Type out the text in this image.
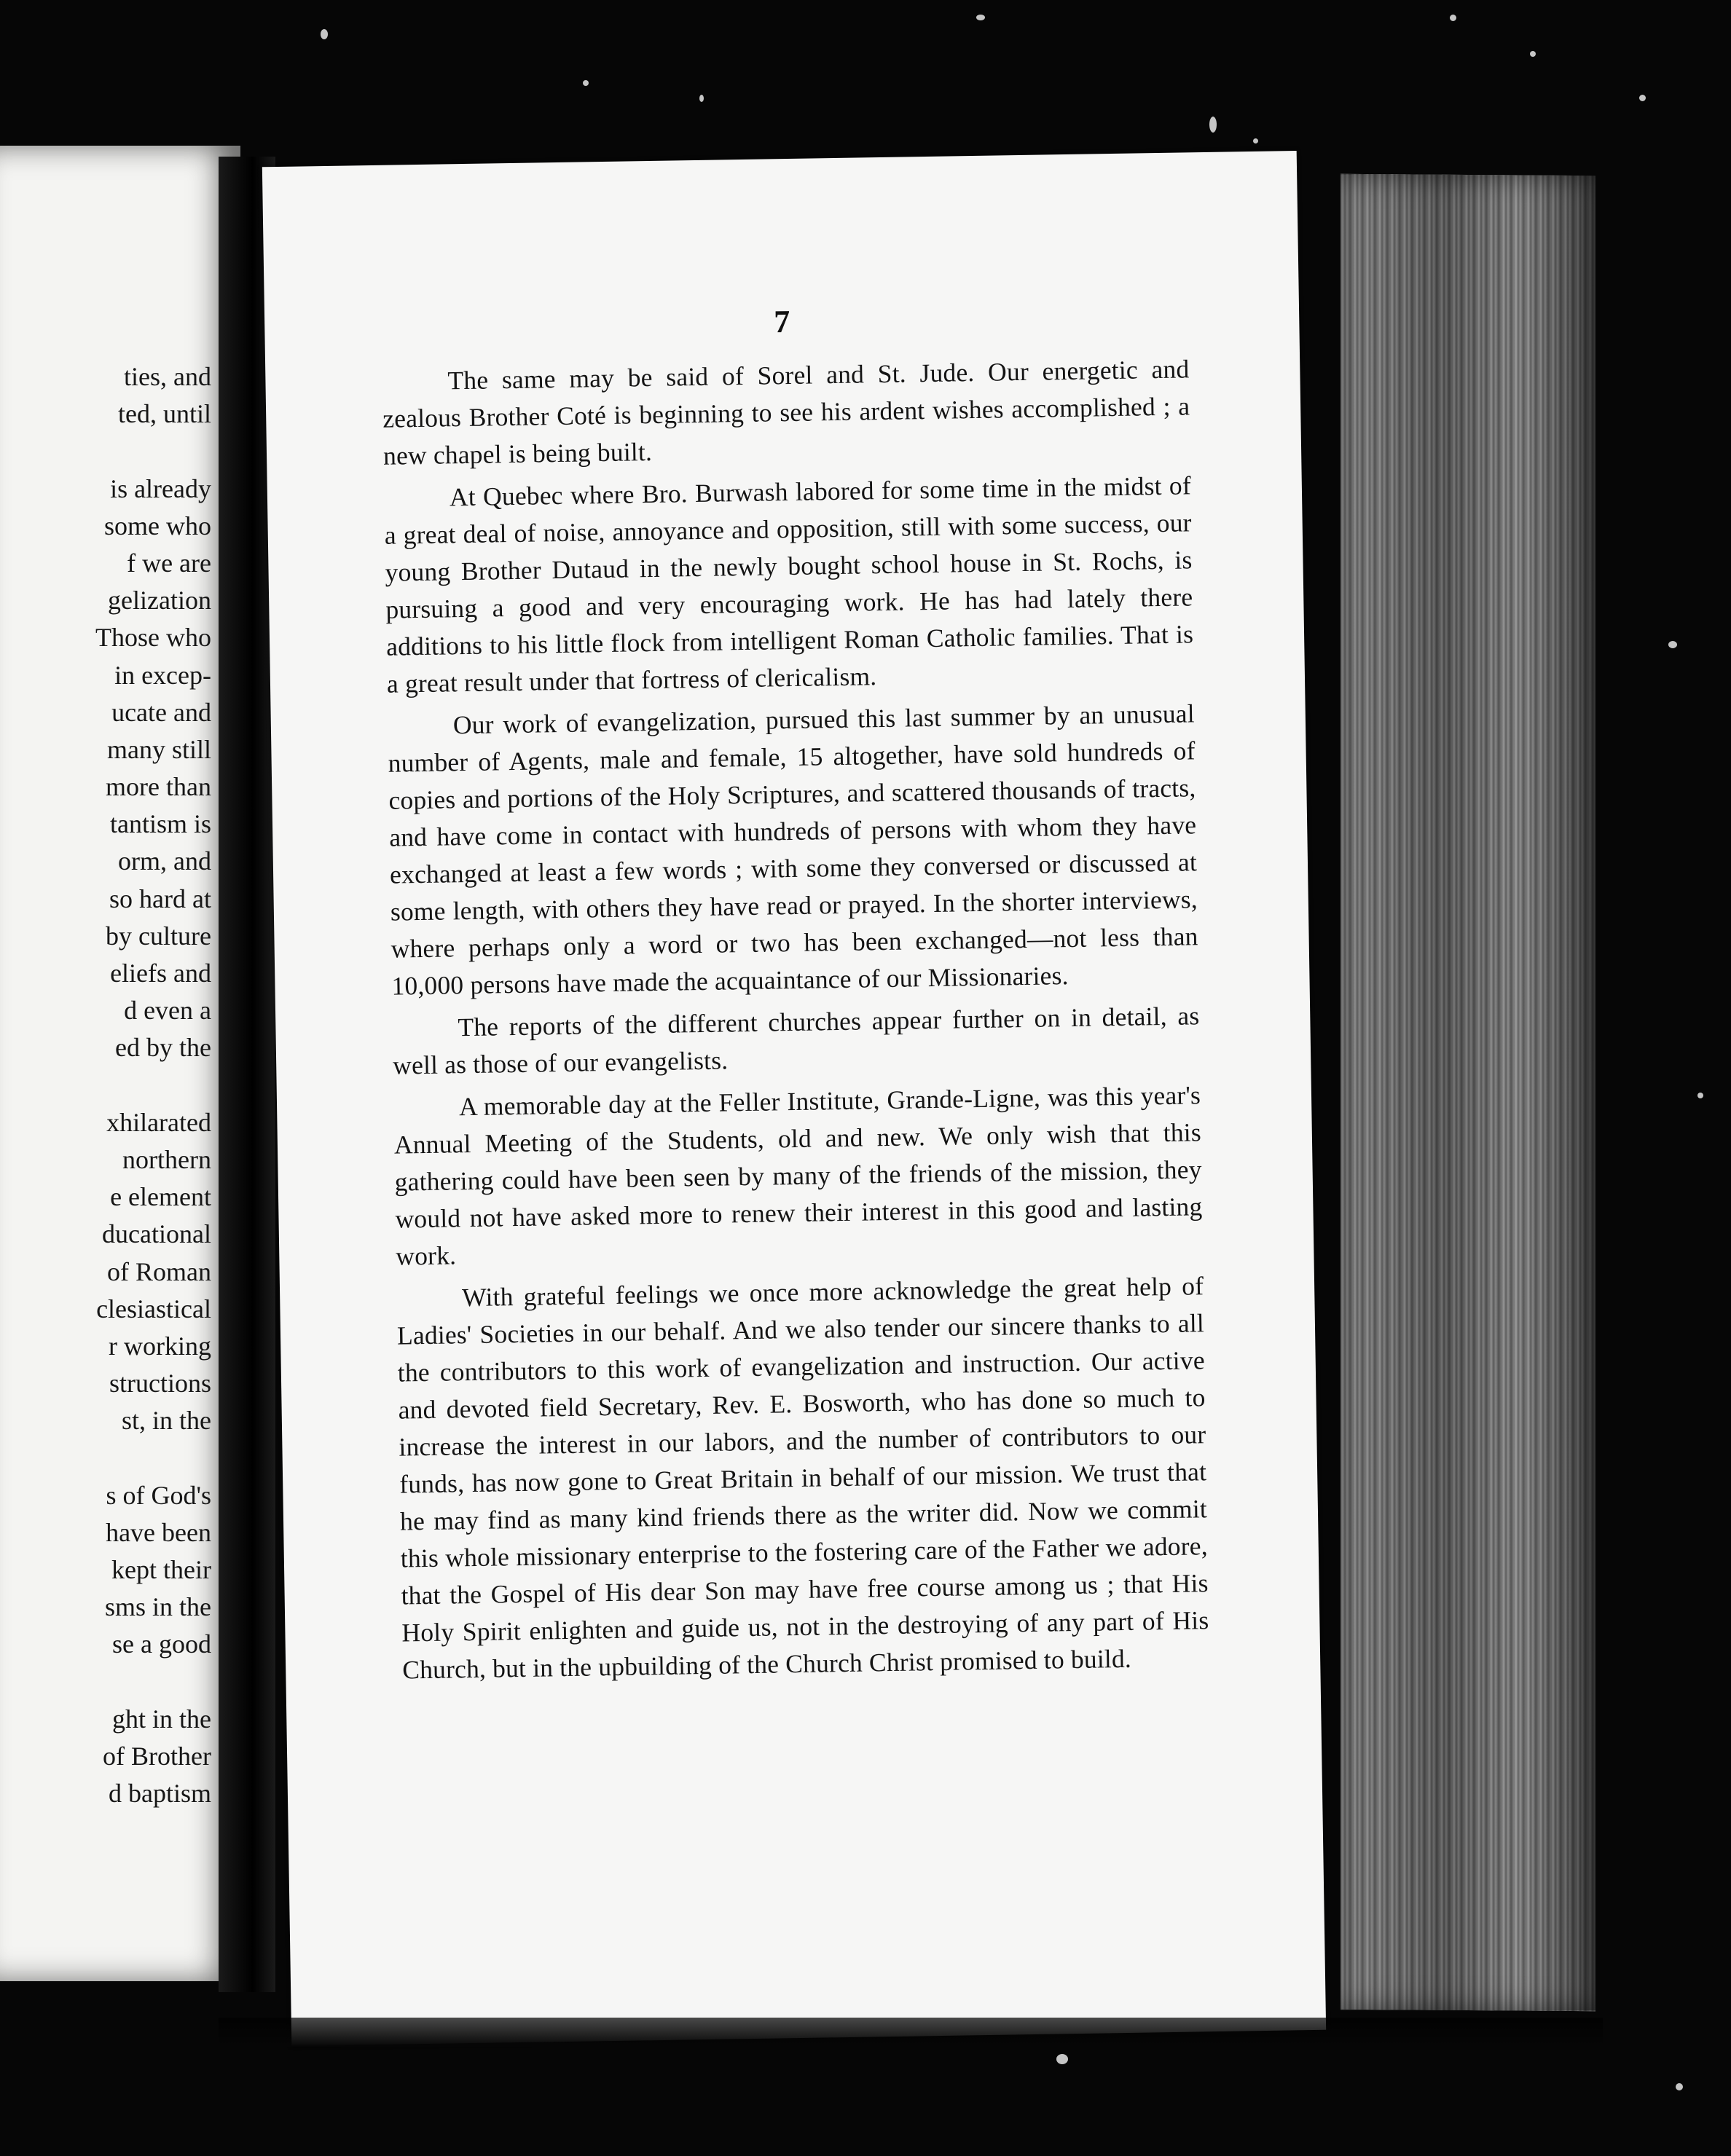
ties, and
ted, until
is already
some who
f we are
gelization
Those who
in excep-
ucate and
many still
more than
tantism is
orm, and
so hard at
by culture
eliefs and
d even a
ed by the
xhilarated
northern
e element
ducational
of Roman
clesiastical
r working
structions
st, in the
s of God's
have been
kept their
sms in the
se a good
ght in the
of Brother
d baptism
7

The same may be said of Sorel and St. Jude. Our energetic and zealous Brother Coté is beginning to see his ardent wishes accomplished ; a new chapel is being built.

At Quebec where Bro. Burwash labored for some time in the midst of a great deal of noise, annoyance and opposition, still with some success, our young Brother Dutaud in the newly bought school house in St. Rochs, is pursuing a good and very encouraging work. He has had lately there additions to his little flock from intelligent Roman Catholic families. That is a great result under that fortress of clericalism.

Our work of evangelization, pursued this last summer by an unusual number of Agents, male and female, 15 altogether, have sold hundreds of copies and portions of the Holy Scriptures, and scattered thousands of tracts, and have come in contact with hundreds of persons with whom they have exchanged at least a few words ; with some they conversed or discussed at some length, with others they have read or prayed. In the shorter interviews, where perhaps only a word or two has been exchanged—not less than 10,000 persons have made the acquaintance of our Missionaries.

The reports of the different churches appear further on in detail, as well as those of our evangelists.

A memorable day at the Feller Institute, Grande-Ligne, was this year's Annual Meeting of the Students, old and new. We only wish that this gathering could have been seen by many of the friends of the mission, they would not have asked more to renew their interest in this good and lasting work.

With grateful feelings we once more acknowledge the great help of Ladies' Societies in our behalf. And we also tender our sincere thanks to all the contributors to this work of evangelization and instruction. Our active and devoted field Secretary, Rev. E. Bosworth, who has done so much to increase the interest in our labors, and the number of contributors to our funds, has now gone to Great Britain in behalf of our mission. We trust that he may find as many kind friends there as the writer did. Now we commit this whole missionary enterprise to the fostering care of the Father we adore, that the Gospel of His dear Son may have free course among us ; that His Holy Spirit enlighten and guide us, not in the destroying of any part of His Church, but in the upbuilding of the Church Christ promised to build.
